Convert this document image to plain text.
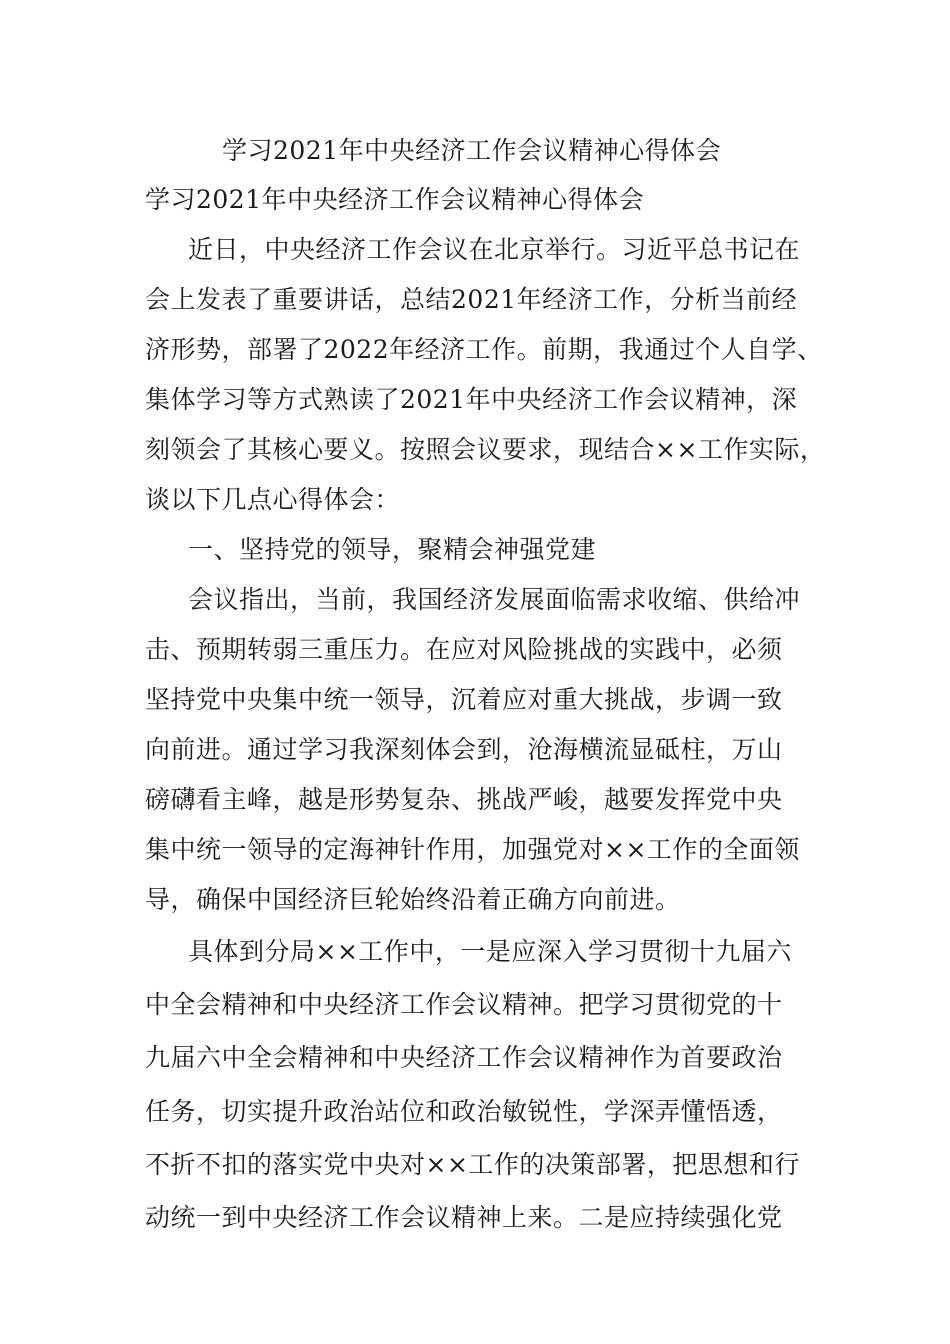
学习2021年中央经济工作会议精神心得体会
学习2021年中央经济工作会议精神心得体会
近日，中央经济工作会议在北京举行。习近平总书记在
会上发表了重要讲话，总结2021年经济工作，分析当前经
济形势，部署了2022年经济工作。前期，我通过个人自学、
集体学习等方式熟读了2021年中央经济工作会议精神，深
刻领会了其核心要义。按照会议要求，现结合××工作实际，
谈以下几点心得体会：
一、坚持党的领导，聚精会神强党建
会议指出，当前，我国经济发展面临需求收缩、供给冲
击、预期转弱三重压力。在应对风险挑战的实践中，必须
坚持党中央集中统一领导，沉着应对重大挑战，步调一致
向前进。通过学习我深刻体会到，沧海横流显砥柱，万山
磅礴看主峰，越是形势复杂、挑战严峻，越要发挥党中央
集中统一领导的定海神针作用，加强党对××工作的全面领
导，确保中国经济巨轮始终沿着正确方向前进。
具体到分局××工作中，一是应深入学习贯彻十九届六
中全会精神和中央经济工作会议精神。把学习贯彻党的十
九届六中全会精神和中央经济工作会议精神作为首要政治
任务，切实提升政治站位和政治敏锐性，学深弄懂悟透，
不折不扣的落实党中央对××工作的决策部署，把思想和行
动统一到中央经济工作会议精神上来。二是应持续强化党
